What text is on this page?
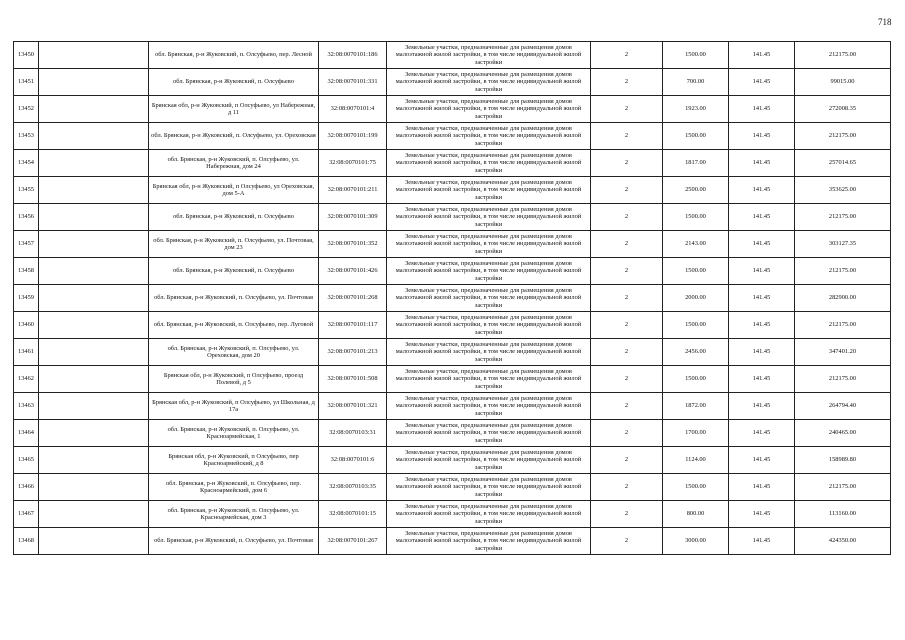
718
13450		обл. Брянская, р-н Жуковский, п. Олсуфьево, пер. Лесной	32:08:0070101:186	Земельные участки, предназначенные для размещения домов малоэтажной жилой застройки, в том числе индивидуальной жилой застройки	2	1500.00	141.45	212175.00
13451		обл. Брянская, р-н Жуковский, п. Олсуфьево	32:08:0070101:331	Земельные участки, предназначенные для размещения домов малоэтажной жилой застройки, в том числе индивидуальной жилой застройки	2	700.00	141.45	99015.00
13452		Брянская обл, р-н Жуковский, п Олсуфьево, ул Набережная, д 11	32:08:0070101:4	Земельные участки, предназначенные для размещения домов малоэтажной жилой застройки, в том числе индивидуальной жилой застройки	2	1923.00	141.45	272008.35
13453		обл. Брянская, р-н Жуковский, п. Олсуфьево, ул. Ореховская	32:08:0070101:199	Земельные участки, предназначенные для размещения домов малоэтажной жилой застройки, в том числе индивидуальной жилой застройки	2	1500.00	141.45	212175.00
13454		обл. Брянская, р-н Жуковский, п. Олсуфьево, ул. Набережная, дом 24	32:08:0070101:75	Земельные участки, предназначенные для размещения домов малоэтажной жилой застройки, в том числе индивидуальной жилой застройки	2	1817.00	141.45	257014.65
13455		Брянская обл, р-н Жуковский, п Олсуфьево, ул Ореховская, дом 5-А	32:08:0070101:211	Земельные участки, предназначенные для размещения домов малоэтажной жилой застройки, в том числе индивидуальной жилой застройки	2	2500.00	141.45	353625.00
13456		обл. Брянская, р-н Жуковский, п. Олсуфьево	32:08:0070101:309	Земельные участки, предназначенные для размещения домов малоэтажной жилой застройки, в том числе индивидуальной жилой застройки	2	1500.00	141.45	212175.00
13457		обл. Брянская, р-н Жуковский, п. Олсуфьево, ул. Почтовая, дом 23	32:08:0070101:352	Земельные участки, предназначенные для размещения домов малоэтажной жилой застройки, в том числе индивидуальной жилой застройки	2	2143.00	141.45	303127.35
13458		обл. Брянская, р-н Жуковский, п. Олсуфьево	32:08:0070101:426	Земельные участки, предназначенные для размещения домов малоэтажной жилой застройки, в том числе индивидуальной жилой застройки	2	1500.00	141.45	212175.00
13459		обл. Брянская, р-н Жуковский, п. Олсуфьево, ул. Почтовая	32:08:0070101:268	Земельные участки, предназначенные для размещения домов малоэтажной жилой застройки, в том числе индивидуальной жилой застройки	2	2000.00	141.45	282900.00
13460		обл. Брянская, р-н Жуковский, п. Олсуфьево, пер. Луговой	32:08:0070101:117	Земельные участки, предназначенные для размещения домов малоэтажной жилой застройки, в том числе индивидуальной жилой застройки	2	1500.00	141.45	212175.00
13461		обл. Брянская, р-н Жуковский, п. Олсуфьево, ул. Ореховская, дом 20	32:08:0070101:213	Земельные участки, предназначенные для размещения домов малоэтажной жилой застройки, в том числе индивидуальной жилой застройки	2	2456.00	141.45	347401.20
13462		Брянская обл, р-н Жуковский, п Олсуфьево, проезд Полевой, д 5	32:08:0070101:508	Земельные участки, предназначенные для размещения домов малоэтажной жилой застройки, в том числе индивидуальной жилой застройки	2	1500.00	141.45	212175.00
13463		Брянская обл, р-н Жуковский, п Олсуфьево, ул Школьная, д 17а	32:08:0070101:321	Земельные участки, предназначенные для размещения домов малоэтажной жилой застройки, в том числе индивидуальной жилой застройки	2	1872.00	141.45	264794.40
13464		обл. Брянская, р-н Жуковский, п. Олсуфьево, ул. Красноармейская, 1	32:08:0070103:31	Земельные участки, предназначенные для размещения домов малоэтажной жилой застройки, в том числе индивидуальной жилой застройки	2	1700.00	141.45	240465.00
13465		Брянская обл, р-н Жуковский, п Олсуфьево, пер Красноармейский, д 8	32:08:0070101:6	Земельные участки, предназначенные для размещения домов малоэтажной жилой застройки, в том числе индивидуальной жилой застройки	2	1124.00	141.45	158989.80
13466		обл. Брянская, р-н Жуковский, п. Олсуфьево, пер. Красноармейский, дом 6	32:08:0070103:35	Земельные участки, предназначенные для размещения домов малоэтажной жилой застройки, в том числе индивидуальной жилой застройки	2	1500.00	141.45	212175.00
13467		обл. Брянская, р-н Жуковский, п. Олсуфьево, ул. Красноармейская, дом 3	32:08:0070101:15	Земельные участки, предназначенные для размещения домов малоэтажной жилой застройки, в том числе индивидуальной жилой застройки	2	800.00	141.45	113160.00
13468		обл. Брянская, р-н Жуковский, п. Олсуфьево, ул. Почтовая	32:08:0070101:267	Земельные участки, предназначенные для размещения домов малоэтажной жилой застройки, в том числе индивидуальной жилой застройки	2	3000.00	141.45	424350.00
